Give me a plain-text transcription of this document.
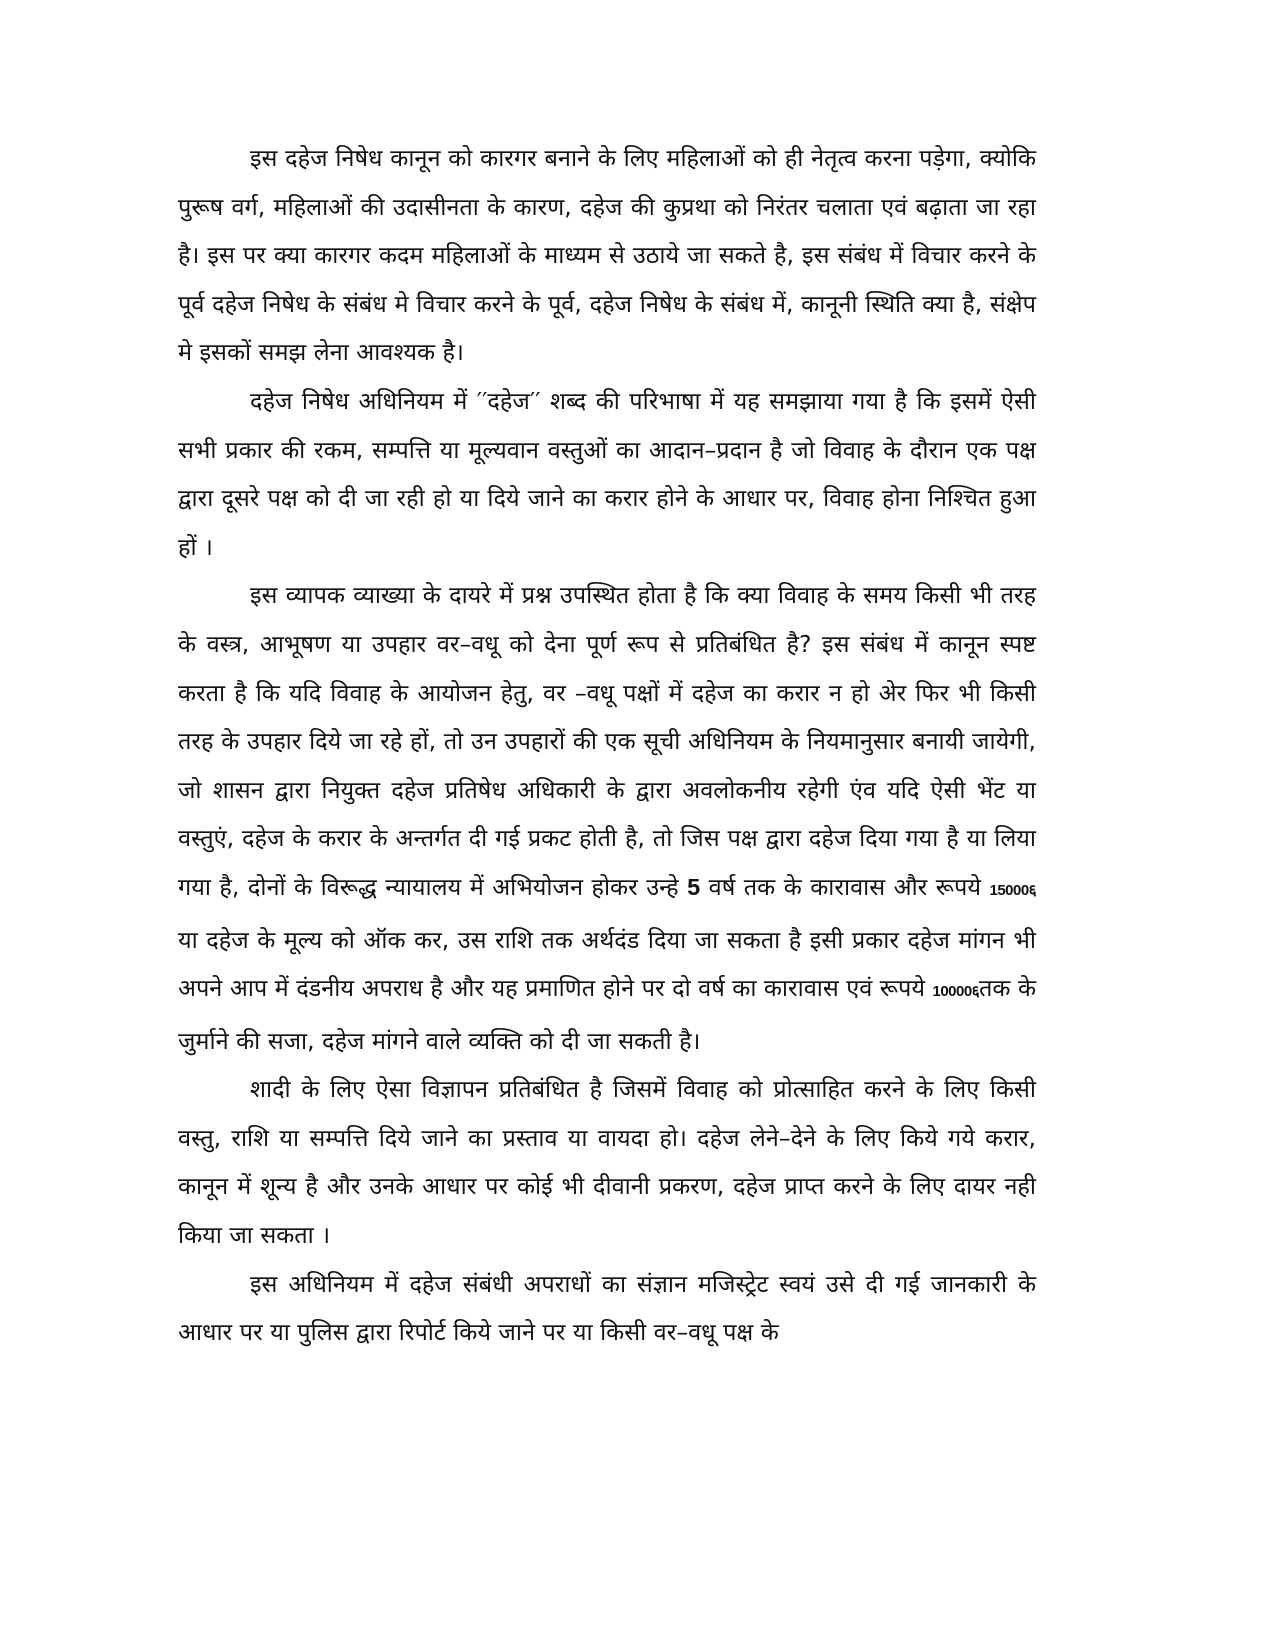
इस दहेज निषेध कानून को कारगर बनाने के लिए महिलाओं को ही नेतृत्व करना पड़ेगा, क्योकि पुरूष वर्ग, महिलाओं की उदासीनता के कारण, दहेज की कुप्रथा को निरंतर चलाता एवं बढ़ाता जा रहा है। इस पर क्या कारगर कदम महिलाओं के माध्यम से उठाये जा सकते है, इस संबंध में विचार करने के पूर्व दहेज निषेध के संबंध मे विचार करने के पूर्व, दहेज निषेध के संबंध में, कानूनी स्थिति क्या है, संक्षेप मे इसकों समझ लेना आवश्यक है।

दहेज निषेध अधिनियम में ′′दहेज′′ शब्द की परिभाषा में यह समझाया गया है कि इसमें ऐसी सभी प्रकार की रकम, सम्पत्ति या मूल्यवान वस्तुओं का आदान–प्रदान है जो विवाह के दौरान एक पक्ष द्वारा दूसरे पक्ष को दी जा रही हो या दिये जाने का करार होने के आधार पर, विवाह होना निश्चित हुआ हों ।

इस व्यापक व्याख्या के दायरे में प्रश्न उपस्थित होता है कि क्या विवाह के समय किसी भी तरह के वस्त्र, आभूषण या उपहार वर–वधू को देना पूर्ण रूप से प्रतिबंधित है? इस संबंध में कानून स्पष्ट करता है कि यदि विवाह के आयोजन हेतु, वर –वधू पक्षों में दहेज का करार न हो अेर फिर भी किसी तरह के उपहार दिये जा रहे हों, तो उन उपहारों की एक सूची अधिनियम के नियमानुसार बनायी जायेगी, जो शासन द्वारा नियुक्त दहेज प्रतिषेध अधिकारी के द्वारा अवलोकनीय रहेगी एंव यदि ऐसी भेंट या वस्तुएं, दहेज के करार के अन्तर्गत दी गई प्रकट होती है, तो जिस पक्ष द्वारा दहेज दिया गया है या लिया गया है, दोनों के विरूद्ध न्यायालय में अभियोजन होकर उन्हे 5 वर्ष तक के कारावास और रूपये 15000६ या दहेज के मूल्य को ऑक कर, उस राशि तक अर्थदंड दिया जा सकता है इसी प्रकार दहेज मांगन भी अपने आप में दंडनीय अपराध है और यह प्रमाणित होने पर दो वर्ष का कारावास एवं रूपये 10000६तक के जुर्माने की सजा, दहेज मांगने वाले व्यक्ति को दी जा सकती है।

शादी के लिए ऐसा विज्ञापन प्रतिबंधित है जिसमें विवाह को प्रोत्साहित करने के लिए किसी वस्तु, राशि या सम्पत्ति दिये जाने का प्रस्ताव या वायदा हो। दहेज लेने–देने के लिए किये गये करार, कानून में शून्य है और उनके आधार पर कोई भी दीवानी प्रकरण, दहेज प्राप्त करने के लिए दायर नही किया जा सकता ।

इस अधिनियम में दहेज संबंधी अपराधों का संज्ञान मजिस्ट्रेट स्वयं उसे दी गई जानकारी के आधार पर या पुलिस द्वारा रिपोर्ट किये जाने पर या किसी वर–वधू पक्ष के
